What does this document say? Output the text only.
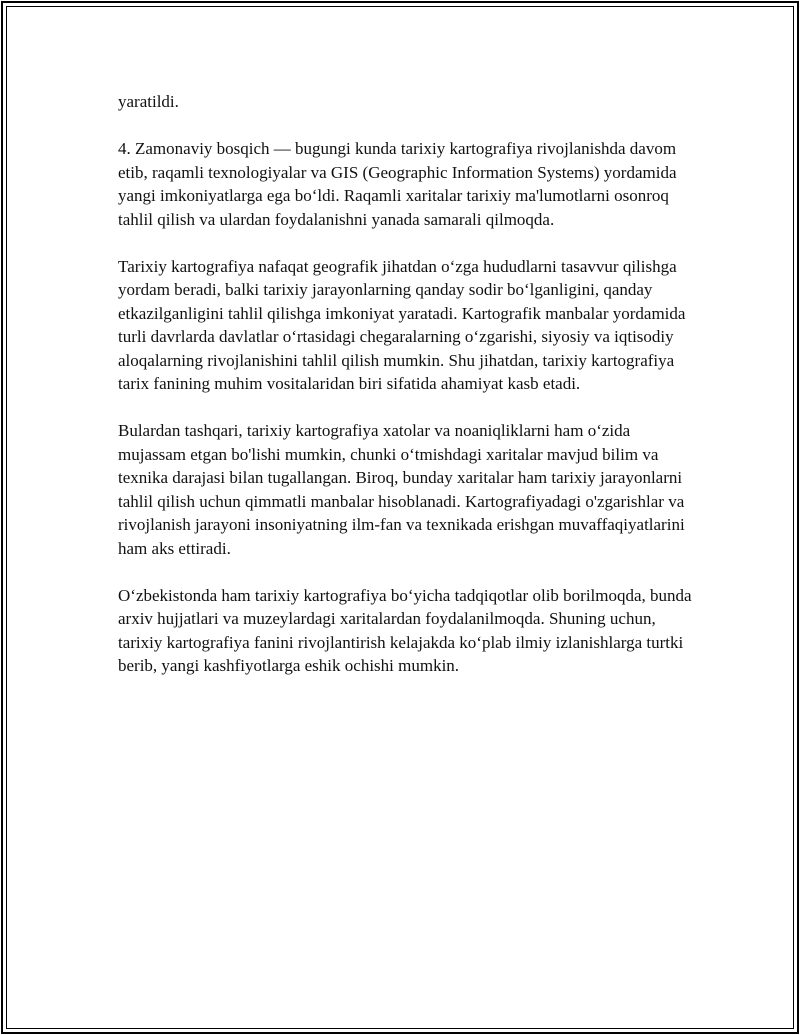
yaratildi.

4. Zamonaviy bosqich — bugungi kunda tarixiy kartografiya rivojlanishda davom etib, raqamli texnologiyalar va GIS (Geographic Information Systems) yordamida yangi imkoniyatlarga ega bo‘ldi. Raqamli xaritalar tarixiy ma'lumotlarni osonroq tahlil qilish va ulardan foydalanishni yanada samarali qilmoqda.

Tarixiy kartografiya nafaqat geografik jihatdan o‘zga hududlarni tasavvur qilishga yordam beradi, balki tarixiy jarayonlarning qanday sodir bo‘lganligini, qanday etkazilganligini tahlil qilishga imkoniyat yaratadi. Kartografik manbalar yordamida turli davrlarda davlatlar o‘rtasidagi chegaralarning o‘zgarishi, siyosiy va iqtisodiy aloqalarning rivojlanishini tahlil qilish mumkin. Shu jihatdan, tarixiy kartografiya tarix fanining muhim vositalaridan biri sifatida ahamiyat kasb etadi.

Bulardan tashqari, tarixiy kartografiya xatolar va noaniqliklarni ham o‘zida mujassam etgan bo'lishi mumkin, chunki o‘tmishdagi xaritalar mavjud bilim va texnika darajasi bilan tugallangan. Biroq, bunday xaritalar ham tarixiy jarayonlarni tahlil qilish uchun qimmatli manbalar hisoblanadi. Kartografiyadagi o'zgarishlar va rivojlanish jarayoni insoniyatning ilm-fan va texnikada erishgan muvaffaqiyatlarini ham aks ettiradi.

O‘zbekistonda ham tarixiy kartografiya bo‘yicha tadqiqotlar olib borilmoqda, bunda arxiv hujjatlari va muzeylardagi xaritalardan foydalanilmoqda. Shuning uchun, tarixiy kartografiya fanini rivojlantirish kelajakda ko‘plab ilmiy izlanishlarga turtki berib, yangi kashfiyotlarga eshik ochishi mumkin.
